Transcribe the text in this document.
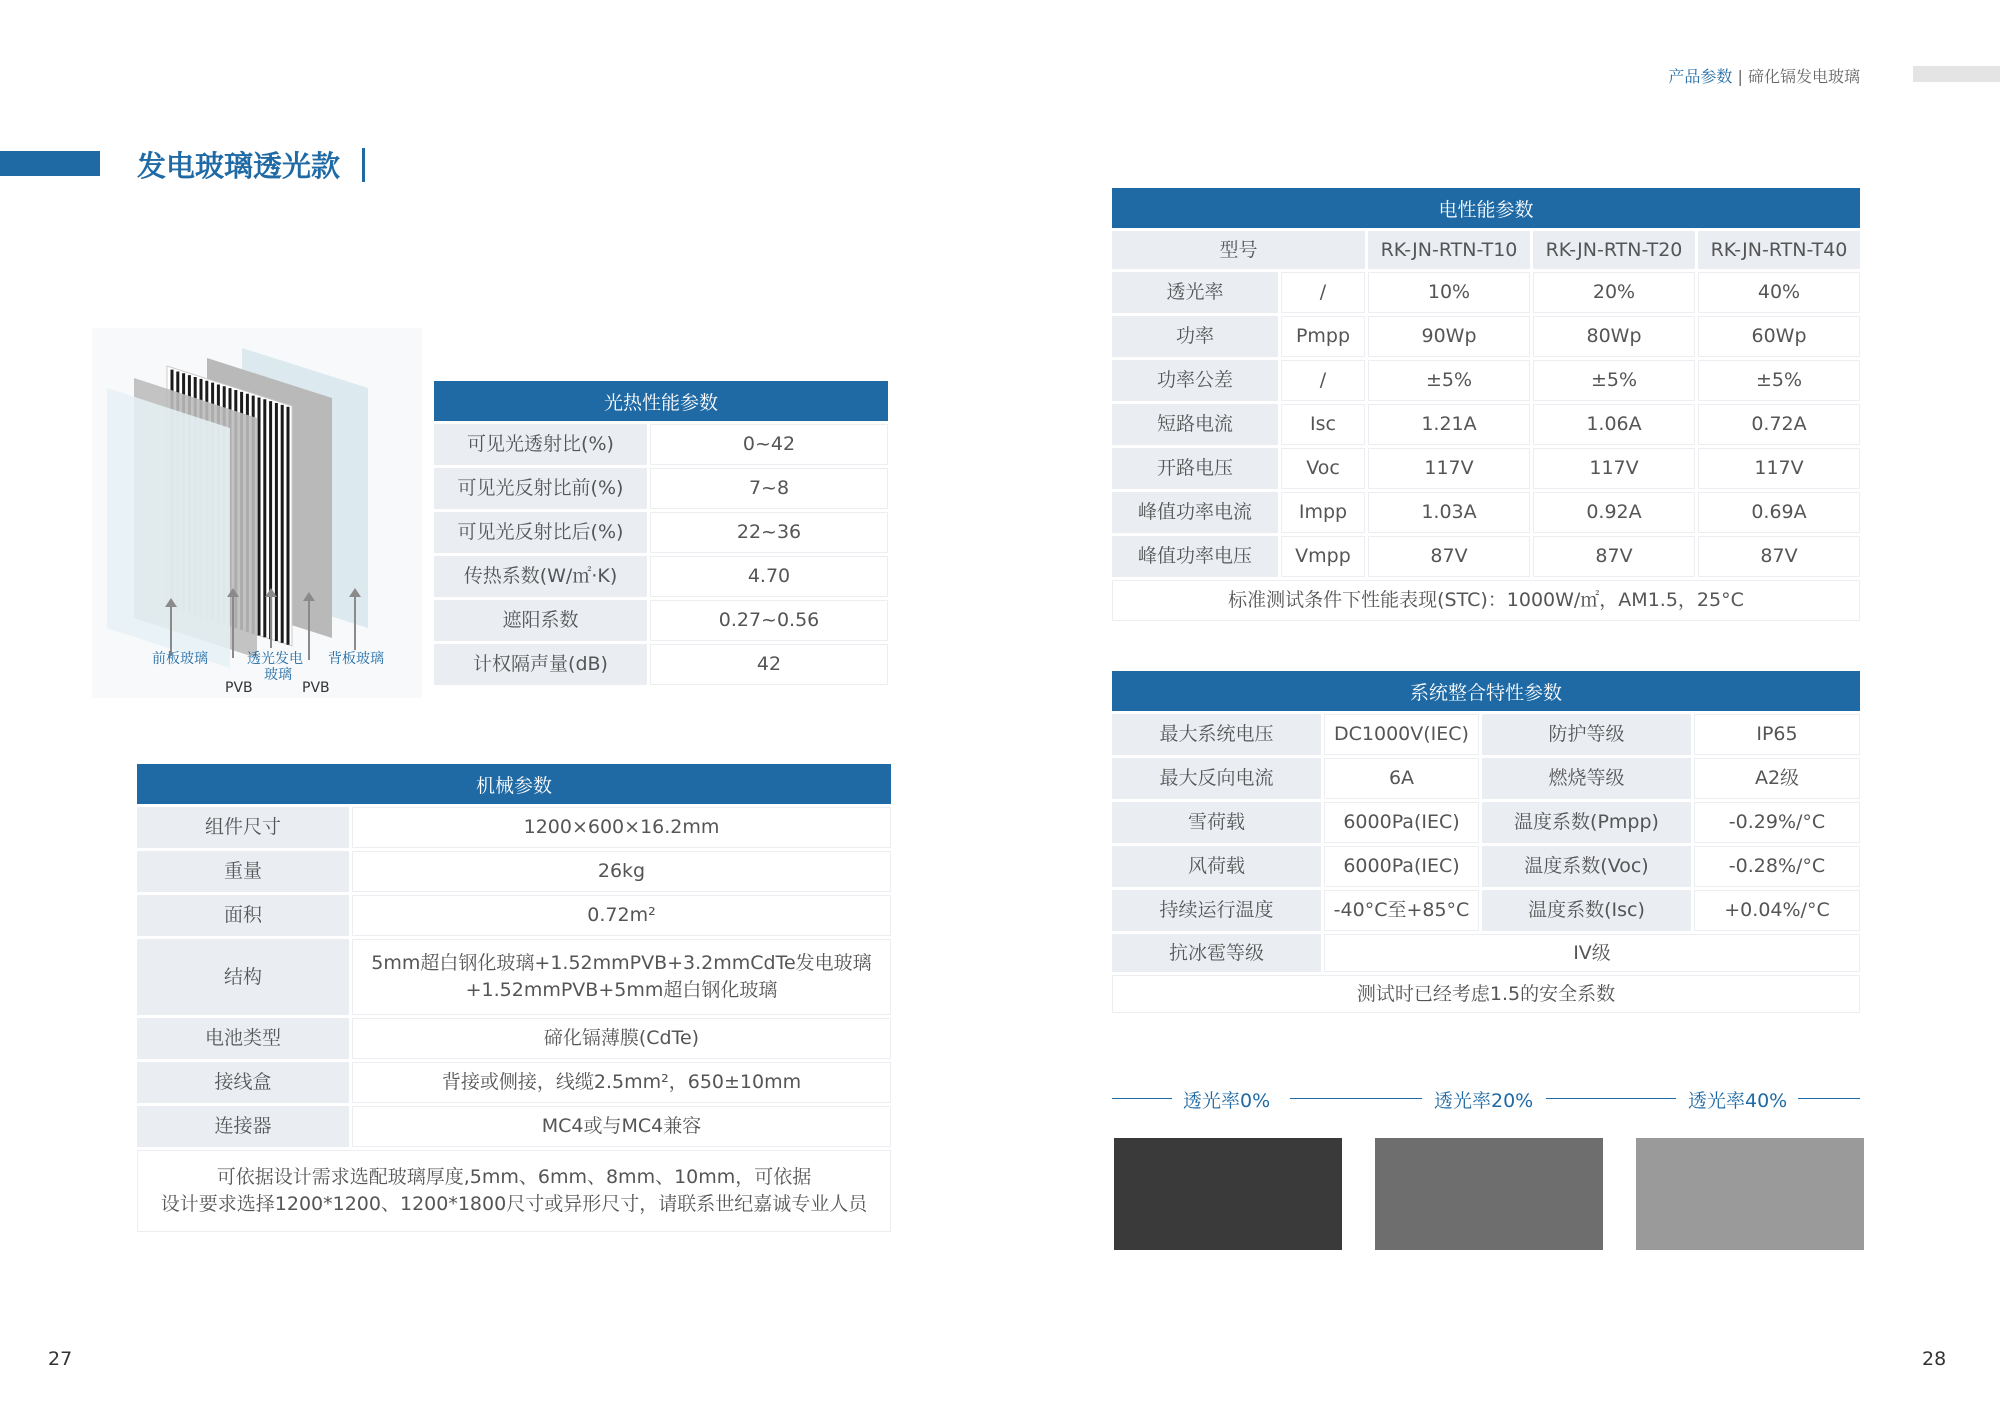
产品参数 | 碲化镉发电玻璃
发电玻璃透光款
前板玻璃
PVB
透光发电
玻璃
PVB
背板玻璃
光热性能参数
可见光透射比(%)	0~42
可见光反射比前(%)	7~8
可见光反射比后(%)	22~36
传热系数(W/㎡·K)	4.70
遮阳系数	0.27~0.56
计权隔声量(dB)	42
机械参数
组件尺寸	1200×600×16.2mm
重量	26kg
面积	0.72m²
结构
5mm超白钢化玻璃+1.52mmPVB+3.2mmCdTe发电玻璃
+1.52mmPVB+5mm超白钢化玻璃
电池类型	碲化镉薄膜(CdTe)
接线盒	背接或侧接，线缆2.5mm²，650±10mm
连接器	MC4或与MC4兼容
可依据设计需求选配玻璃厚度,5mm、6mm、8mm、10mm，可依据
设计要求选择1200*1200、1200*1800尺寸或异形尺寸，请联系世纪嘉诚专业人员
电性能参数
型号	RK-JN-RTN-T10	RK-JN-RTN-T20	RK-JN-RTN-T40
透光率	/	10%	20%	40%
功率	Pmpp	90Wp	80Wp	60Wp
功率公差	/	±5%	±5%	±5%
短路电流	Isc	1.21A	1.06A	0.72A
开路电压	Voc	117V	117V	117V
峰值功率电流	Impp	1.03A	0.92A	0.69A
峰值功率电压	Vmpp	87V	87V	87V
标准测试条件下性能表现(STC)：1000W/㎡，AM1.5，25°C
系统整合特性参数
最大系统电压	DC1000V(IEC)	防护等级	IP65
最大反向电流	6A	燃烧等级	A2级
雪荷载	6000Pa(IEC)	温度系数(Pmpp)	-0.29%/°C
风荷载	6000Pa(IEC)	温度系数(Voc)	-0.28%/°C
持续运行温度	-40°C至+85°C	温度系数(Isc)	+0.04%/°C
抗冰雹等级	IV级
测试时已经考虑1.5的安全系数
透光率0%	透光率20%	透光率40%
27	28
